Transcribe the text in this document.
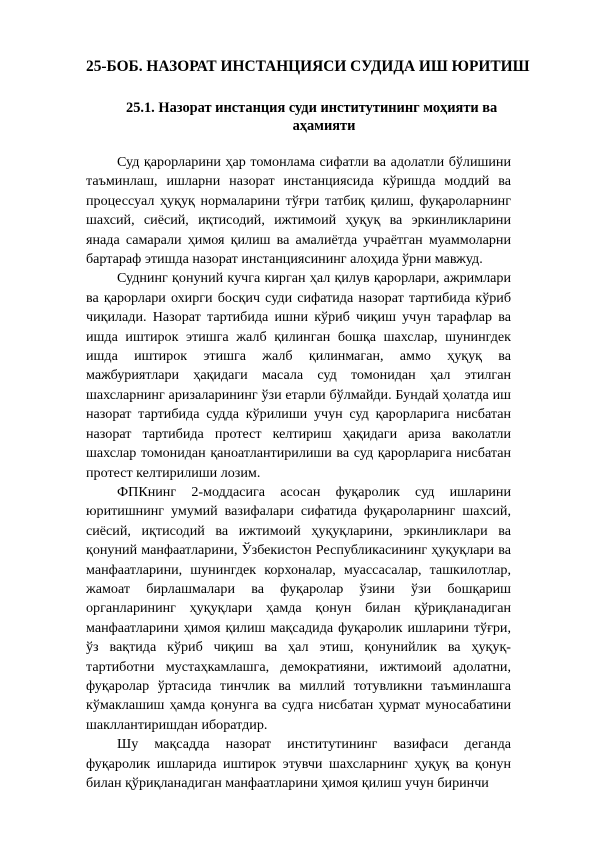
25-БОБ. НАЗОРАТ ИНСТАНЦИЯСИ СУДИДА ИШ ЮРИТИШ
25.1. Назорат инстанция суди институтининг моҳияти ва
аҳамияти

Суд қарорларини ҳар томонлама сифатли ва адолатли бўлишини таъминлаш, ишларни назорат инстанциясида кўришда моддий ва процессуал ҳуқуқ нормаларини тўғри татбиқ қилиш, фуқароларнинг шахсий, сиёсий, иқтисодий, ижтимоий ҳуқуқ ва эркинликларини янада самарали ҳимоя қилиш ва амалиётда учраётган муаммоларни бартараф этишда назорат инстанциясининг алоҳида ўрни мавжуд.

Суднинг қонуний кучга кирган ҳал қилув қарорлари, ажримлари ва қарорлари охирги босқич суди сифатида назорат тартибида кўриб чиқилади. Назорат тартибида ишни кўриб чиқиш учун тарафлар ва ишда иштирок этишга жалб қилинган бошқа шахслар, шунингдек ишда иштирок этишга жалб қилинмаган, аммо ҳуқуқ ва мажбуриятлари ҳақидаги масала суд томонидан ҳал этилган шахсларнинг аризаларининг ўзи етарли бўлмайди. Бундай ҳолатда иш назорат тартибида судда кўрилиши учун суд қарорларига нисбатан назорат тартибида протест келтириш ҳақидаги ариза ваколатли шахслар томонидан қаноатлантирилиши ва суд қарорларига нисбатан протест келтирилиши лозим.

ФПКнинг 2-моддасига асосан фуқаролик суд ишларини юритишнинг умумий вазифалари сифатида фуқароларнинг шахсий, сиёсий, иқтисодий ва ижтимоий ҳуқуқларини, эркинликлари ва қонуний манфаатларини, Ўзбекистон Республикасининг ҳуқуқлари ва манфаатларини, шунингдек корхоналар, муассасалар, ташкилотлар, жамоат бирлашмалари ва фуқаролар ўзини ўзи бошқариш органларининг ҳуқуқлари ҳамда қонун билан қўриқланадиган манфаатларини ҳимоя қилиш мақсадида фуқаролик ишларини тўғри, ўз вақтида кўриб чиқиш ва ҳал этиш, қонунийлик ва ҳуқуқ-тартиботни мустаҳкамлашга, демократияни, ижтимоий адолатни, фуқаролар ўртасида тинчлик ва миллий тотувликни таъминлашга кўмаклашиш ҳамда қонунга ва судга нисбатан ҳурмат муносабатини шакллантиришдан иборатдир.

Шу мақсадда назорат институтининг вазифаси деганда фуқаролик ишларида иштирок этувчи шахсларнинг ҳуқуқ ва қонун билан қўриқланадиган манфаатларини ҳимоя қилиш учун биринчи
